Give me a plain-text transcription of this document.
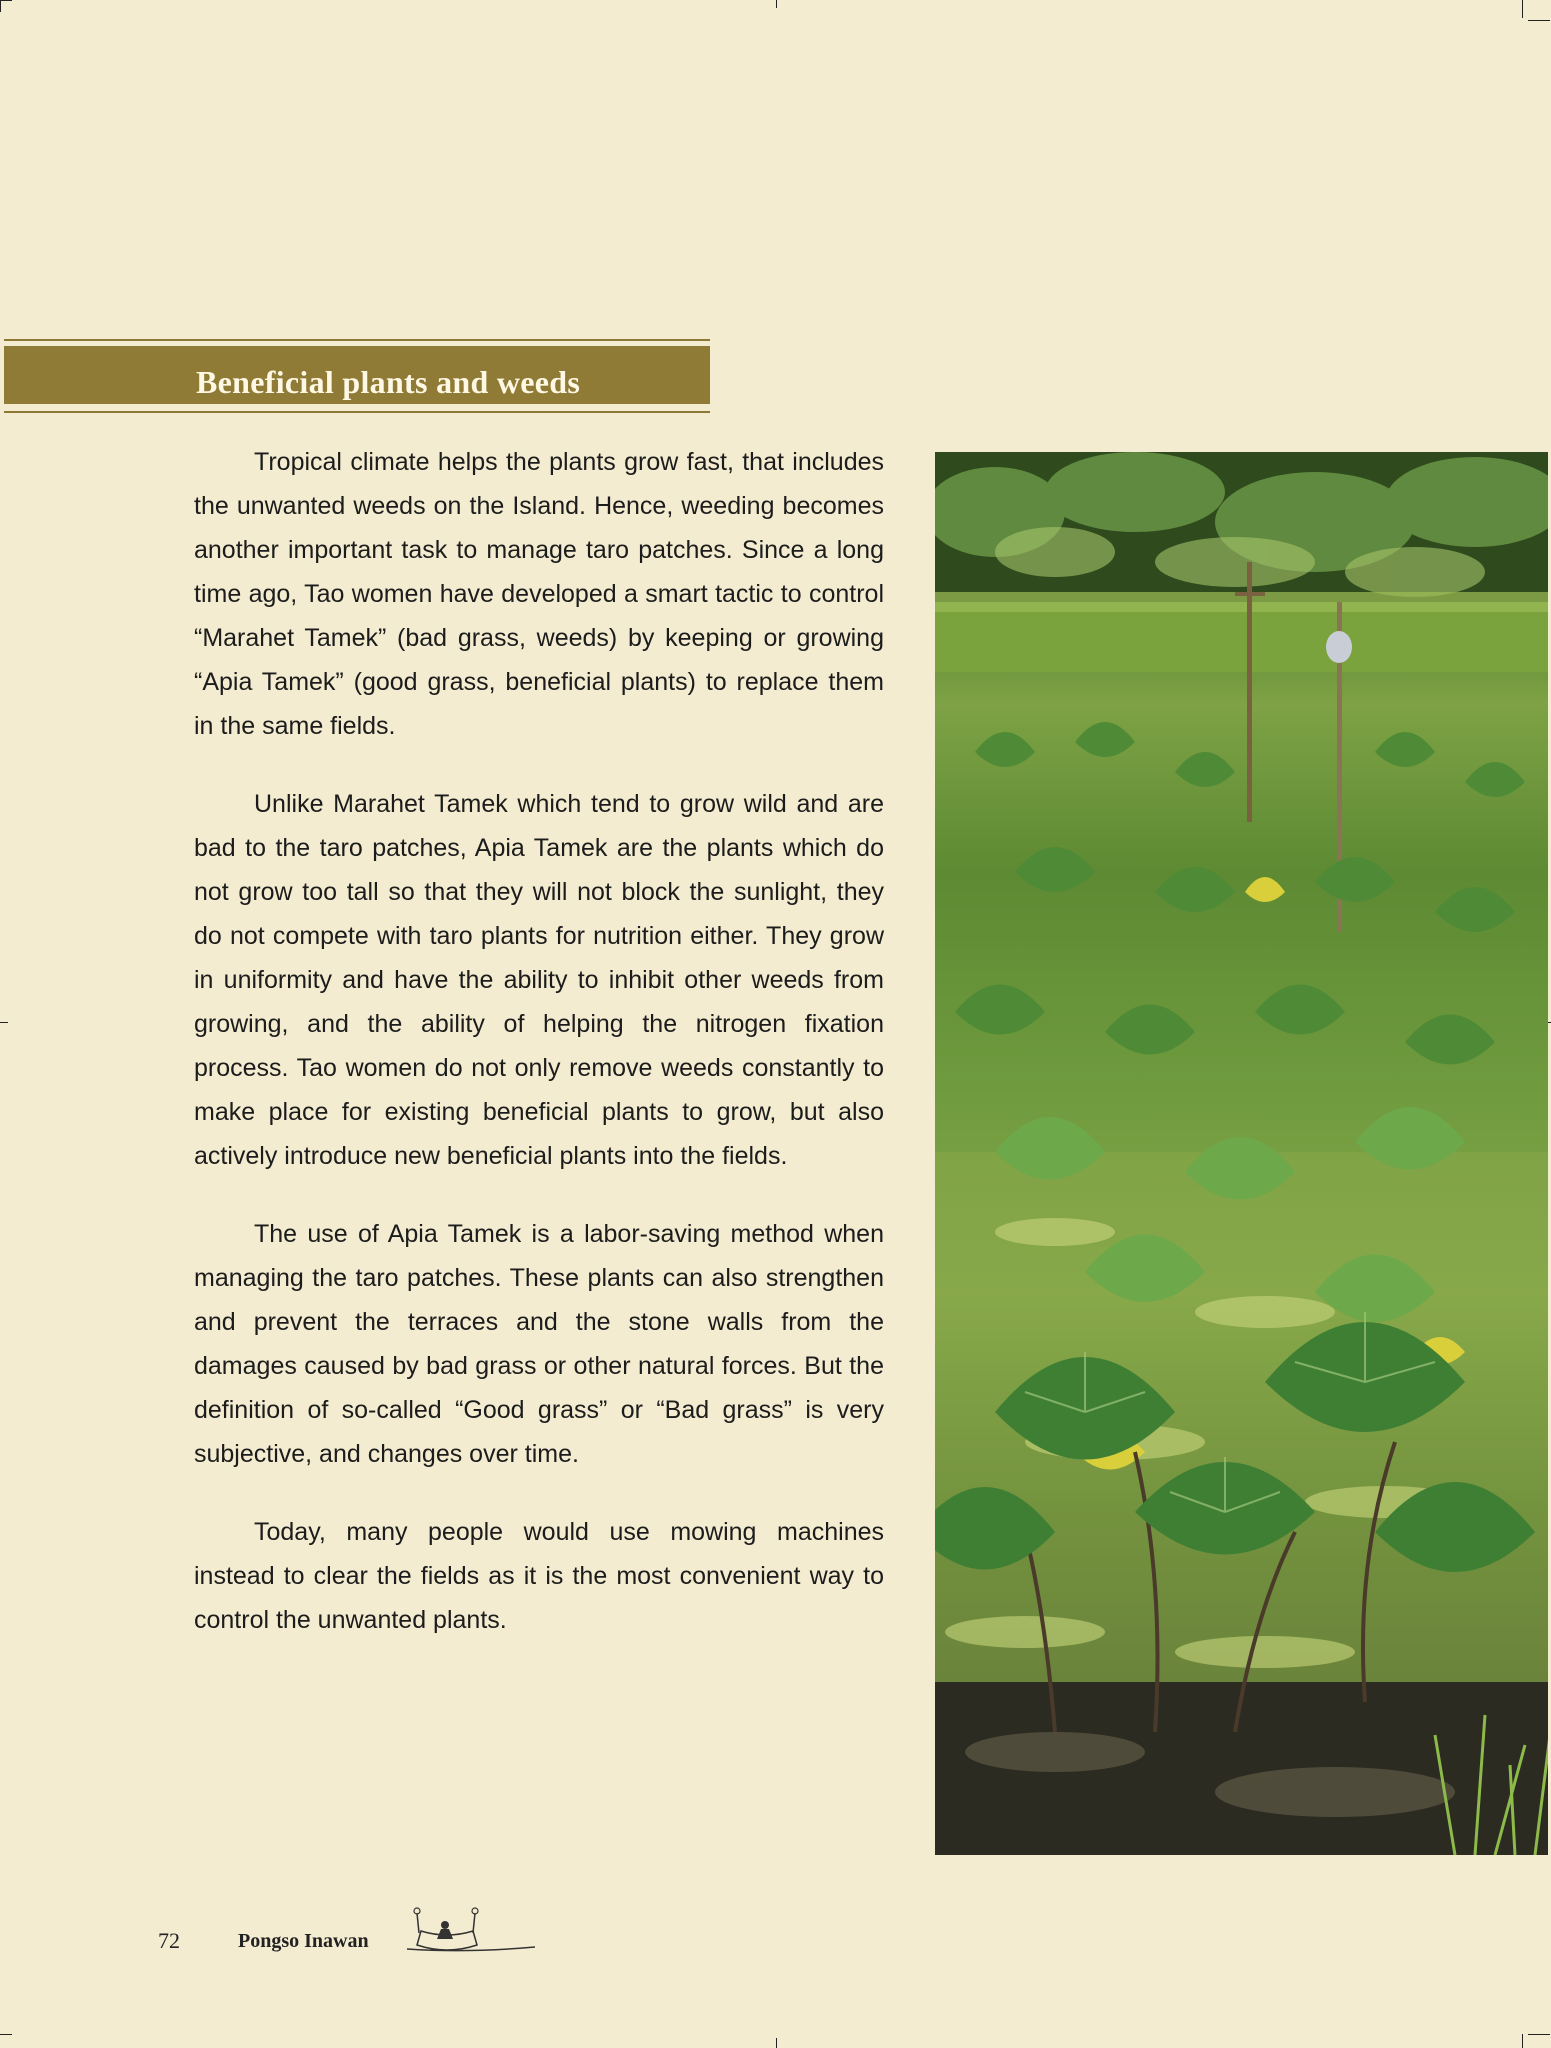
Beneficial plants and weeds

Tropical climate helps the plants grow fast, that includes the unwanted weeds on the Island. Hence, weeding becomes another important task to manage taro patches. Since a long time ago, Tao women have developed a smart tactic to control “Marahet Tamek” (bad grass, weeds) by keeping or growing “Apia Tamek” (good grass, beneficial plants) to replace them in the same fields.

Unlike Marahet Tamek which tend to grow wild and are bad to the taro patches, Apia Tamek are the plants which do not grow too tall so that they will not block the sunlight, they do not compete with taro plants for nutrition either. They grow in uniformity and have the ability to inhibit other weeds from growing, and the ability of helping the nitrogen fixation process. Tao women do not only remove weeds constantly to make place for existing beneficial plants to grow, but also actively introduce new beneficial plants into the fields.

The use of Apia Tamek is a labor-saving method when managing the taro patches. These plants can also strengthen and prevent the terraces and the stone walls from the damages caused by bad grass or other natural forces. But the definition of so-called “Good grass” or “Bad grass” is very subjective, and changes over time.

Today, many people would use mowing machines instead to clear the fields as it is the most convenient way to control the unwanted plants.

72	Pongso Inawan
